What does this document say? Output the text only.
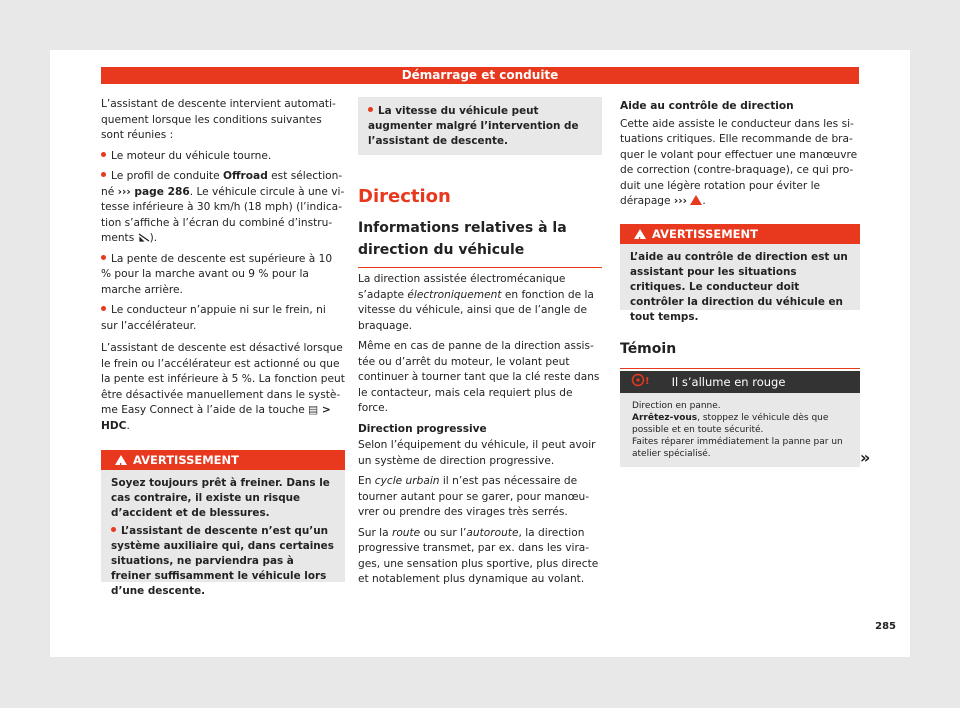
Démarrage et conduite

L’assistant de descente intervient automatiquement lorsque les conditions suivantes sont réunies :

Le moteur du véhicule tourne.

Le profil de conduite Offroad est sélectionné ››› page 286. Le véhicule circule à une vitesse inférieure à 30 km/h (18 mph) (l’indication s’affiche à l’écran du combiné d’instruments ).

La pente de descente est supérieure à 10 % pour la marche avant ou 9 % pour la marche arrière.

Le conducteur n’appuie ni sur le frein, ni sur l’accélérateur.

L’assistant de descente est désactivé lorsque le frein ou l’accélérateur est actionné ou que la pente est inférieure à 5 %. La fonction peut être désactivée manuellement dans le système Easy Connect à l’aide de la touche ▤ > HDC.

!AVERTISSEMENT
Soyez toujours prêt à freiner. Dans le cas contraire, il existe un risque d’accident et de blessures.
L’assistant de descente n’est qu’un système auxiliaire qui, dans certaines situations, ne parviendra pas à freiner suffisamment le véhicule lors d’une descente.
La vitesse du véhicule peut augmenter malgré l’intervention de l’assistant de descente.
Direction
Informations relatives à la direction du véhicule

La direction assistée électromécanique s’adapte électroniquement en fonction de la vitesse du véhicule, ainsi que de l’angle de braquage.

Même en cas de panne de la direction assistée ou d’arrêt du moteur, le volant peut continuer à tourner tant que la clé reste dans le contacteur, mais cela requiert plus de force.

Direction progressive

Selon l’équipement du véhicule, il peut avoir un système de direction progressive.

En cycle urbain il n’est pas nécessaire de tourner autant pour se garer, pour manœuvrer ou prendre des virages très serrés.

Sur la route ou sur l’autoroute, la direction progressive transmet, par ex. dans les virages, une sensation plus sportive, plus directe et notablement plus dynamique au volant.

Aide au contrôle de direction

Cette aide assiste le conducteur dans les situations critiques. Elle recommande de braquer le volant pour effectuer une manœuvre de correction (contre-braquage), ce qui produit une légère rotation pour éviter le dérapage ››› ! .

!AVERTISSEMENT
L’aide au contrôle de direction est un assistant pour les situations critiques. Le conducteur doit contrôler la direction du véhicule en tout temps.
Témoin
! Il s’allume en rouge
Direction en panne.
Arrêtez-vous, stoppez le véhicule dès que possible et en toute sécurité.
Faites réparer immédiatement la panne par un atelier spécialisé.	»
285
